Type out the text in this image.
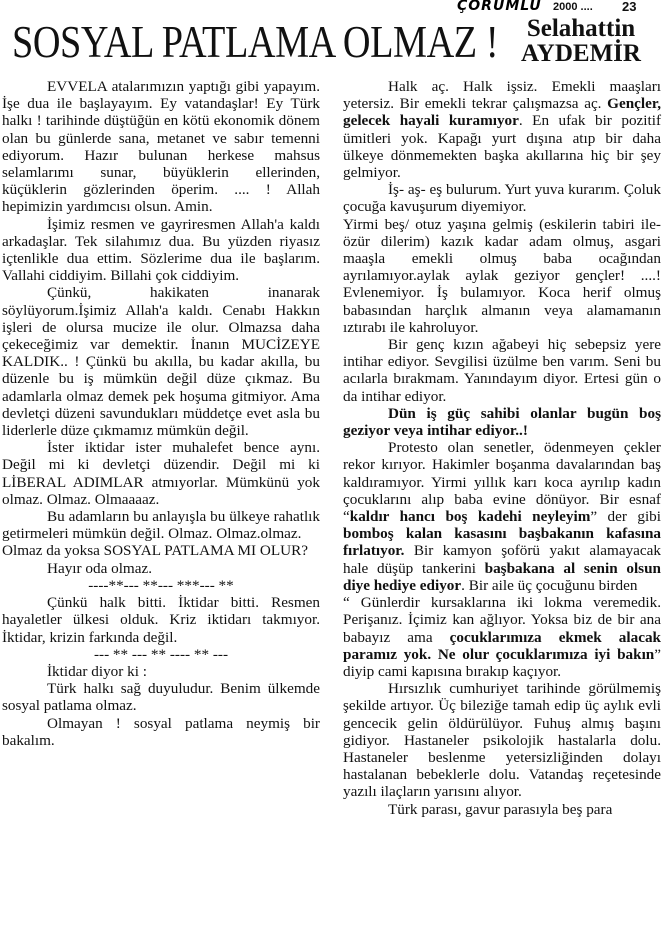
ÇORUMLU 2000 .... 23
SOSYAL PATLAMA OLMAZ !	Selahattin
AYDEMİR

EVVELA atalarımızın yaptığı gibi yapayım. İşe dua ile başlayayım. Ey vatandaşlar! Ey Türk halkı ! tarihinde düştüğün en kötü ekonomik dönem olan bu günlerde sana, metanet ve sabır temenni ediyorum. Hazır bulunan herkese mahsus selamlarımı sunar, büyüklerin ellerinden, küçüklerin gözlerinden öperim. .... ! Allah hepimizin yardımcısı olsun. Amin.

İşimiz resmen ve gayriresmen Allah'a kaldı arkadaşlar. Tek silahımız dua. Bu yüzden riyasız içtenlikle dua ettim. Sözlerime dua ile başlarım. Vallahi ciddiyim. Billahi çok ciddiyim.

Çünkü, hakikaten inanarak söylüyorum.İşimiz Allah'a kaldı. Cenabı Hakkın işleri de olursa mucize ile olur. Olmazsa daha çekeceğimiz var demektir. İnanın MUCİZEYE KALDIK.. ! Çünkü bu akılla, bu kadar akılla, bu düzenle bu iş mümkün değil düze çıkmaz. Bu adamlarla olmaz demek pek hoşuma gitmiyor. Ama devletçi düzeni savundukları müddetçe evet asla bu liderlerle düze çıkmamız mümkün değil.

İster iktidar ister muhalefet bence aynı. Değil mi ki devletçi düzendir. Değil mi ki LİBERAL ADIMLAR atmıyorlar. Mümkünü yok olmaz. Olmaz. Olmaaaaz.

Bu adamların bu anlayışla bu ülkeye rahatlık getirmeleri mümkün değil. Olmaz. Olmaz.olmaz.

Olmaz da yoksa SOSYAL PATLAMA MI OLUR?

Hayır oda olmaz.

----**--- **--- ***--- **

Çünkü halk bitti. İktidar bitti. Resmen hayaletler ülkesi olduk. Kriz iktidarı takmıyor. İktidar, krizin farkında değil.

--- ** --- ** ---- ** ---

İktidar diyor ki :

Türk halkı sağ duyuludur. Benim ülkemde sosyal patlama olmaz.

Olmayan ! sosyal patlama neymiş bir bakalım.

Halk aç. Halk işsiz. Emekli maaşları yetersiz. Bir emekli tekrar çalışmazsa aç. Gençler, gelecek hayali kuramıyor. En ufak bir pozitif ümitleri yok. Kapağı yurt dışına atıp bir daha ülkeye dönmemekten başka akıllarına hiç bir şey gelmiyor.

İş- aş- eş bulurum. Yurt yuva kurarım. Çoluk çocuğa kavuşurum diyemiyor.

Yirmi beş/ otuz yaşına gelmiş (eskilerin tabiri ile- özür dilerim) kazık kadar adam olmuş, asgari maaşla emekli olmuş baba ocağından ayrılamıyor.aylak aylak geziyor gençler! ....! Evlenemiyor. İş bulamıyor. Koca herif olmuş babasından harçlık almanın veya alamamanın ıztırabı ile kahroluyor.

Bir genç kızın ağabeyi hiç sebepsiz yere intihar ediyor. Sevgilisi üzülme ben varım. Seni bu acılarla bırakmam. Yanındayım diyor. Ertesi gün o da intihar ediyor.

Dün iş güç sahibi olanlar bugün boş geziyor veya intihar ediyor..!

Protesto olan senetler, ödenmeyen çekler rekor kırıyor. Hakimler boşanma davalarından baş kaldıramıyor. Yirmi yıllık karı koca ayrılıp kadın çocuklarını alıp baba evine dönüyor. Bir esnaf “kaldır hancı boş kadehi neyleyim” der gibi bomboş kalan kasasını başbakanın kafasına fırlatıyor. Bir kamyon şoförü yakıt alamayacak hale düşüp tankerini başbakana al senin olsun diye hediye ediyor. Bir aile üç çocuğunu birden

“ Günlerdir kursaklarına iki lokma veremedik. Perişanız. İçimiz kan ağlıyor. Yoksa biz de bir ana babayız ama çocuklarımıza ekmek alacak paramız yok. Ne olur çocuklarımıza iyi bakın” diyip cami kapısına bırakıp kaçıyor.

Hırsızlık cumhuriyet tarihinde görülmemiş şekilde artıyor. Üç bileziğe tamah edip üç aylık evli gencecik gelin öldürülüyor. Fuhuş almış başını gidiyor. Hastaneler psikolojik hastalarla dolu. Hastaneler beslenme yetersizliğinden dolayı hastalanan bebeklerle dolu. Vatandaş reçetesinde yazılı ilaçların yarısını alıyor.

Türk parası, gavur parasıyla beş para
